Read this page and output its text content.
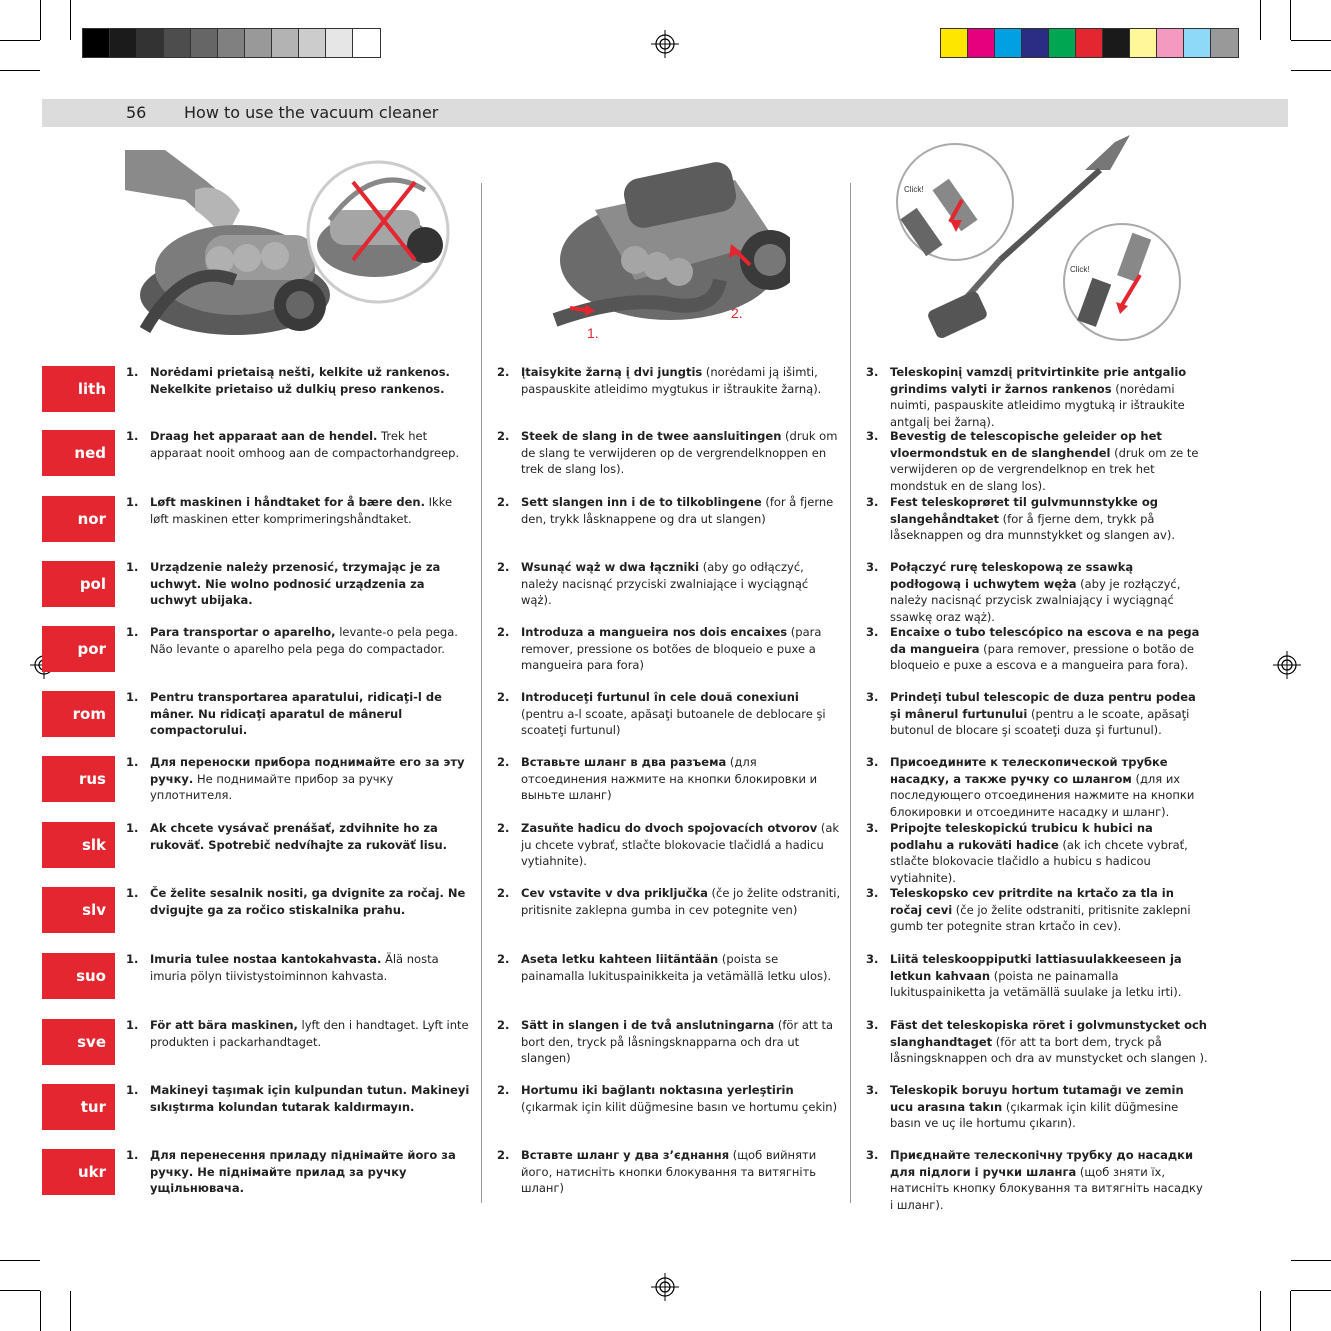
56 How to use the vacuum cleaner
1.
2.
Click!
Click!
lith
1. Norėdami prietaisą nešti, kelkite už rankenos. Nekelkite prietaiso už dulkių preso rankenos.
2. Įtaisykite žarną į dvi jungtis (norėdami ją išimti, paspauskite atleidimo mygtukus ir ištraukite žarną).
3. Teleskopinį vamzdį pritvirtinkite prie antgalio grindims valyti ir žarnos rankenos (norėdami nuimti, paspauskite atleidimo mygtuką ir ištraukite antgalį bei žarną).
ned
1. Draag het apparaat aan de hendel. Trek het apparaat nooit omhoog aan de compactorhandgreep.
2. Steek de slang in de twee aansluitingen (druk om de slang te verwijderen op de vergrendelknoppen en trek de slang los).
3. Bevestig de telescopische geleider op het vloermondstuk en de slanghendel (druk om ze te verwijderen op de vergrendelknop en trek het mondstuk en de slang los).
nor
1. Løft maskinen i håndtaket for å bære den. Ikke løft maskinen etter komprimeringshåndtaket.
2. Sett slangen inn i de to tilkoblingene (for å fjerne den, trykk låsknappene og dra ut slangen)
3. Fest teleskoprøret til gulvmunnstykke og slangehåndtaket (for å fjerne dem, trykk på låseknappen og dra munnstykket og slangen av).
pol
1. Urządzenie należy przenosić, trzymając je za uchwyt. Nie wolno podnosić urządzenia za uchwyt ubijaka.
2. Wsunąć wąż w dwa łączniki (aby go odłączyć, należy nacisnąć przyciski zwalniające i wyciągnąć wąż).
3. Połączyć rurę teleskopową ze ssawką podłogową i uchwytem węża (aby je rozłączyć, należy nacisnąć przycisk zwalniający i wyciągnąć ssawkę oraz wąż).
por
1. Para transportar o aparelho, levante-o pela pega. Não levante o aparelho pela pega do compactador.
2. Introduza a mangueira nos dois encaixes (para remover, pressione os botões de bloqueio e puxe a mangueira para fora)
3. Encaixe o tubo telescópico na escova e na pega da mangueira (para remover, pressione o botão de bloqueio e puxe a escova e a mangueira para fora).
rom
1. Pentru transportarea aparatului, ridicaţi-l de mâner. Nu ridicaţi aparatul de mânerul compactorului.
2. Introduceţi furtunul în cele două conexiuni (pentru a-l scoate, apăsaţi butoanele de deblocare şi scoateţi furtunul)
3. Prindeţi tubul telescopic de duza pentru podea şi mânerul furtunului (pentru a le scoate, apăsaţi butonul de blocare şi scoateţi duza şi furtunul).
rus
1. Для переноски прибора поднимайте его за эту ручку. Не поднимайте прибор за ручку уплотнителя.
2. Вставьте шланг в два разъема (для отсоединения нажмите на кнопки блокировки и выньте шланг)
3. Присоедините к телескопической трубке насадку, а также ручку со шлангом (для их последующего отсоединения нажмите на кнопки блокировки и отсоедините насадку и шланг).
slk
1. Ak chcete vysávač prenášať, zdvihnite ho za rukoväť. Spotrebič nedvíhajte za rukoväť lisu.
2. Zasuňte hadicu do dvoch spojovacích otvorov (ak ju chcete vybrať, stlačte blokovacie tlačidlá a hadicu vytiahnite).
3. Pripojte teleskopickú trubicu k hubici na podlahu a rukoväti hadice (ak ich chcete vybrať, stlačte blokovacie tlačidlo a hubicu s hadicou vytiahnite).
slv
1. Če želite sesalnik nositi, ga dvignite za ročaj. Ne dvigujte ga za ročico stiskalnika prahu.
2. Cev vstavite v dva priključka (če jo želite odstraniti, pritisnite zaklepna gumba in cev potegnite ven)
3. Teleskopsko cev pritrdite na krtačo za tla in ročaj cevi (če jo želite odstraniti, pritisnite zaklepni gumb ter potegnite stran krtačo in cev).
suo
1. Imuria tulee nostaa kantokahvasta. Älä nosta imuria pölyn tiivistystoiminnon kahvasta.
2. Aseta letku kahteen liitäntään (poista se painamalla lukituspainikkeita ja vetämällä letku ulos).
3. Liitä teleskooppiputki lattiasuulakkeeseen ja letkun kahvaan (poista ne painamalla lukituspainiketta ja vetämällä suulake ja letku irti).
sve
1. För att bära maskinen, lyft den i handtaget. Lyft inte produkten i packarhandtaget.
2. Sätt in slangen i de två anslutningarna (för att ta bort den, tryck på låsningsknapparna och dra ut slangen)
3. Fäst det teleskopiska röret i golvmunstycket och slanghandtaget (för att ta bort dem, tryck på låsningsknappen och dra av munstycket och slangen ).
tur
1. Makineyi taşımak için kulpundan tutun. Makineyi sıkıştırma kolundan tutarak kaldırmayın.
2. Hortumu iki bağlantı noktasına yerleştirin (çıkarmak için kilit düğmesine basın ve hortumu çekin)
3. Teleskopik boruyu hortum tutamağı ve zemin ucu arasına takın (çıkarmak için kilit düğmesine basın ve uç ile hortumu çıkarın).
ukr
1. Для перенесення приладу піднімайте його за ручку. Не піднімайте прилад за ручку ущільнювача.
2. Вставте шланг у два з’єднання (щоб вийняти його, натисніть кнопки блокування та витягніть шланг)
3. Приєднайте телескопічну трубку до насадки для підлоги і ручки шланга (щоб зняти їх, натисніть кнопку блокування та витягніть насадку і шланг).
